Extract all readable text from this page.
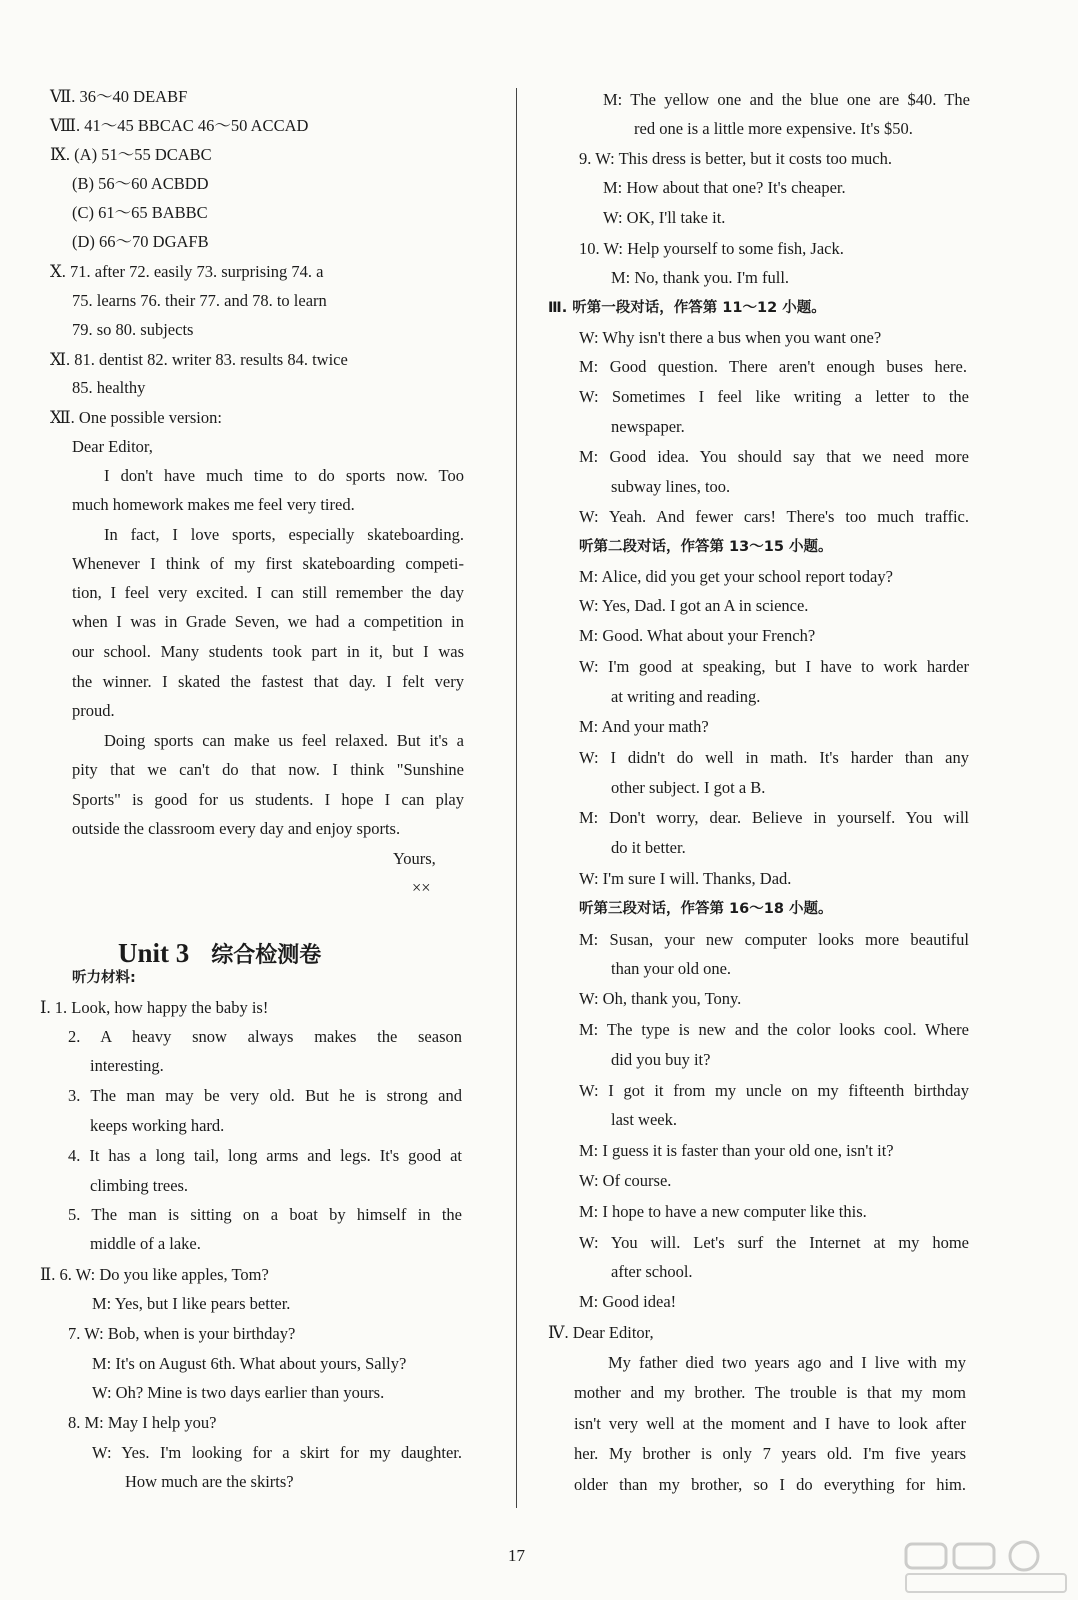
Ⅶ. 36～40 DEABF
Ⅷ. 41～45 BBCAC 46～50 ACCAD
Ⅸ. (A) 51～55 DCABC
(B) 56～60 ACBDD
(C) 61～65 BABBC
(D) 66～70 DGAFB
Ⅹ. 71. after 72. easily 73. surprising 74. a
75. learns 76. their 77. and 78. to learn
79. so 80. subjects
Ⅺ. 81. dentist 82. writer 83. results 84. twice
85. healthy
Ⅻ. One possible version:
Dear Editor,
I don't have much time to do sports now. Too
much homework makes me feel very tired.
In fact, I love sports, especially skateboarding.
Whenever I think of my first skateboarding competi-
tion, I feel very excited. I can still remember the day
when I was in Grade Seven, we had a competition in
our school. Many students took part in it, but I was
the winner. I skated the fastest that day. I felt very
proud.
Doing sports can make us feel relaxed. But it's a
pity that we can't do that now. I think "Sunshine
Sports" is good for us students. I hope I can play
outside the classroom every day and enjoy sports.
Yours,
××
听力材料:
Ⅰ. 1. Look, how happy the baby is!
2. A heavy snow always makes the season
interesting.
3. The man may be very old. But he is strong and
keeps working hard.
4. It has a long tail, long arms and legs. It's good at
climbing trees.
5. The man is sitting on a boat by himself in the
middle of a lake.
Ⅱ. 6. W: Do you like apples, Tom?
M: Yes, but I like pears better.
7. W: Bob, when is your birthday?
M: It's on August 6th. What about yours, Sally?
W: Oh? Mine is two days earlier than yours.
8. M: May I help you?
W: Yes. I'm looking for a skirt for my daughter.
How much are the skirts?
M: The yellow one and the blue one are $40. The
red one is a little more expensive. It's $50.
9. W: This dress is better, but it costs too much.
M: How about that one? It's cheaper.
W: OK, I'll take it.
10. W: Help yourself to some fish, Jack.
M: No, thank you. I'm full.
Ⅲ. 听第一段对话，作答第 11～12 小题。
W: Why isn't there a bus when you want one?
M: Good question. There aren't enough buses here.
W: Sometimes I feel like writing a letter to the
newspaper.
M: Good idea. You should say that we need more
subway lines, too.
W: Yeah. And fewer cars! There's too much traffic.
听第二段对话，作答第 13～15 小题。
M: Alice, did you get your school report today?
W: Yes, Dad. I got an A in science.
M: Good. What about your French?
W: I'm good at speaking, but I have to work harder
at writing and reading.
M: And your math?
W: I didn't do well in math. It's harder than any
other subject. I got a B.
M: Don't worry, dear. Believe in yourself. You will
do it better.
W: I'm sure I will. Thanks, Dad.
听第三段对话，作答第 16～18 小题。
M: Susan, your new computer looks more beautiful
than your old one.
W: Oh, thank you, Tony.
M: The type is new and the color looks cool. Where
did you buy it?
W: I got it from my uncle on my fifteenth birthday
last week.
M: I guess it is faster than your old one, isn't it?
W: Of course.
M: I hope to have a new computer like this.
W: You will. Let's surf the Internet at my home
after school.
M: Good idea!
Ⅳ. Dear Editor,
My father died two years ago and I live with my
mother and my brother. The trouble is that my mom
isn't very well at the moment and I have to look after
her. My brother is only 7 years old. I'm five years
older than my brother, so I do everything for him.
Unit 3 综合检测卷
17
